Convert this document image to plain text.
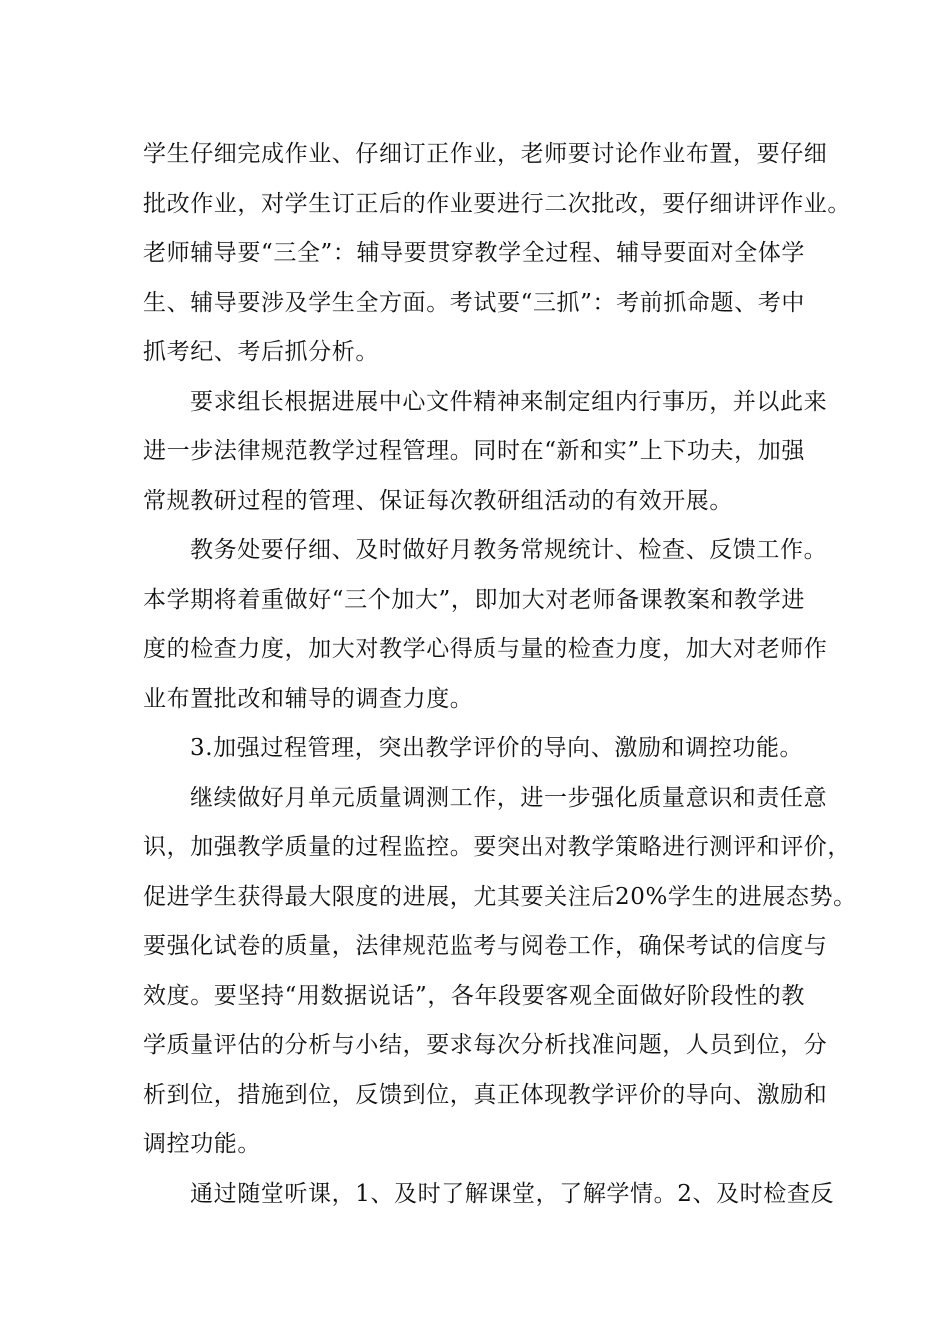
学生仔细完成作业、仔细订正作业，老师要讨论作业布置，要仔细
批改作业，对学生订正后的作业要进行二次批改，要仔细讲评作业。
老师辅导要“三全”：辅导要贯穿教学全过程、辅导要面对全体学
生、辅导要涉及学生全方面。考试要“三抓”：考前抓命题、考中
抓考纪、考后抓分析。

要求组长根据进展中心文件精神来制定组内行事历，并以此来
进一步法律规范教学过程管理。同时在“新和实”上下功夫，加强
常规教研过程的管理、保证每次教研组活动的有效开展。

教务处要仔细、及时做好月教务常规统计、检查、反馈工作。
本学期将着重做好“三个加大”，即加大对老师备课教案和教学进
度的检查力度，加大对教学心得质与量的检查力度，加大对老师作
业布置批改和辅导的调查力度。

3.加强过程管理，突出教学评价的导向、激励和调控功能。

继续做好月单元质量调测工作，进一步强化质量意识和责任意
识，加强教学质量的过程监控。要突出对教学策略进行测评和评价，
促进学生获得最大限度的进展，尤其要关注后20%学生的进展态势。
要强化试卷的质量，法律规范监考与阅卷工作，确保考试的信度与
效度。要坚持“用数据说话”，各年段要客观全面做好阶段性的教
学质量评估的分析与小结，要求每次分析找准问题，人员到位，分
析到位，措施到位，反馈到位，真正体现教学评价的导向、激励和
调控功能。

通过随堂听课，1、及时了解课堂，了解学情。2、及时检查反
